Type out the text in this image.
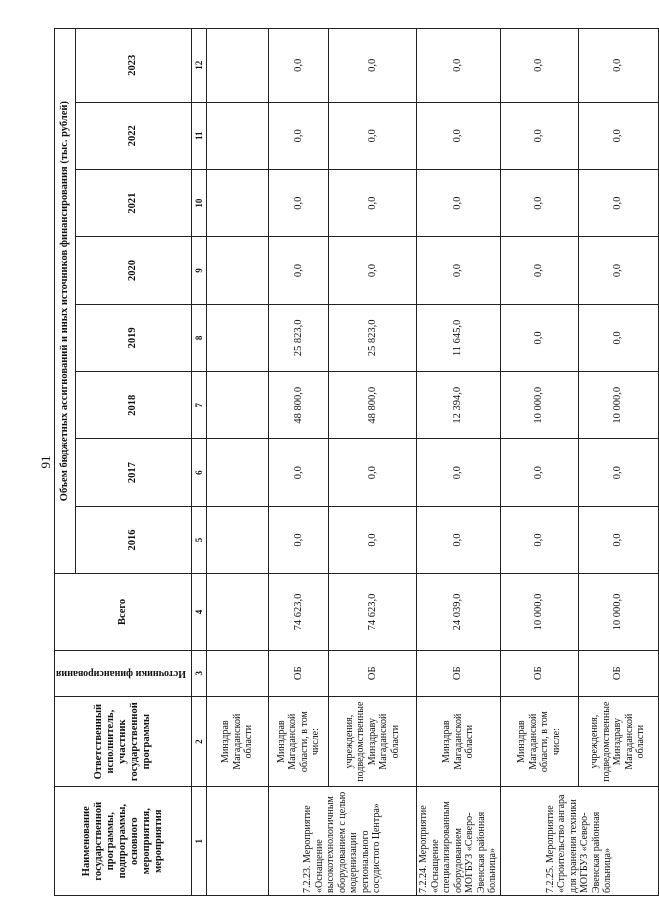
91
Наименование государственной программы, подпрограммы, основного мероприятия, мероприятия	Ответственный исполнитель, участник государственной программы	Источники финансирования	Всего	Объем бюджетных ассигнований и иных источников финансирования (тыс. рублей)							
				2016	2017	2018	2019	2020	2021	2022	2023
1	2	3	4	5	6	7	8	9	10	11	12
	Минздрав Магаданской области										
7.2.23. Мероприятие «Оснащение высокотехнологичным оборудованием с целью модернизации регионального сосудистого Центра»	Минздрав Магаданской области, в том числе:	ОБ	74 623,0	0,0	0,0	48 800,0	25 823,0	0,0	0,0	0,0	0,0
	учреждения, подведомственные Минздраву Магаданской области	ОБ	74 623,0	0,0	0,0	48 800,0	25 823,0	0,0	0,0	0,0	0,0
7.2.24. Мероприятие «Оснащение специализированным оборудованием МОГБУЗ «Северо-Эвенская районная больница»	Минздрав Магаданской области	ОБ	24 039,0	0,0	0,0	12 394,0	11 645,0	0,0	0,0	0,0	0,0
7.2.25. Мероприятие «Строительство ангара для хранения техники МОГБУЗ «Северо-Эвенская районная больница»	Минздрав Магаданской области, в том числе:	ОБ	10 000,0	0,0	0,0	10 000,0	0,0	0,0	0,0	0,0	0,0
	учреждения, подведомственные Минздраву Магаданской области	ОБ	10 000,0	0,0	0,0	10 000,0	0,0	0,0	0,0	0,0	0,0
